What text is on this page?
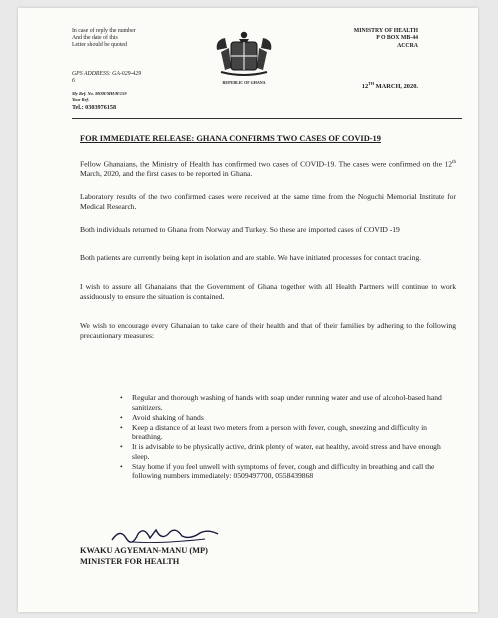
In case of reply the number
And the date of this
Letter should be quoted
GPS ADDRESS: GA-029-429
6
My Ref. No. MOH/MH/H/159
Your Ref.
Tel.: 0303976158
REPUBLIC OF GHANA
MINISTRY OF HEALTH
P O BOX MB-44
ACCRA
12TH MARCH, 2020.
FOR IMMEDIATE RELEASE: GHANA CONFIRMS TWO CASES OF COVID-19
Fellow Ghanaians, the Ministry of Health has confirmed two cases of COVID-19. The cases were confirmed on the 12th March, 2020, and the first cases to be reported in Ghana.
Laboratory results of the two confirmed cases were received at the same time from the Noguchi Memorial Institute for Medical Research.
Both individuals returned to Ghana from Norway and Turkey. So these are imported cases of COVID -19
Both patients are currently being kept in isolation and are stable. We have initiated processes for contact tracing.
I wish to assure all Ghanaians that the Government of Ghana together with all Health Partners will continue to work assiduously to ensure the situation is contained.
We wish to encourage every Ghanaian to take care of their health and that of their families by adhering to the following precautionary measures:
• Regular and thorough washing of hands with soap under running water and use of alcohol-based hand sanitizers.
• Avoid shaking of hands
• Keep a distance of at least two meters from a person with fever, cough, sneezing and difficulty in breathing.
• It is advisable to be physically active, drink plenty of water, eat healthy, avoid stress and have enough sleep.
• Stay home if you feel unwell with symptoms of fever, cough and difficulty in breathing and call the following numbers immediately: 0509497700, 0558439868
KWAKU AGYEMAN-MANU (MP)
MINISTER FOR HEALTH
